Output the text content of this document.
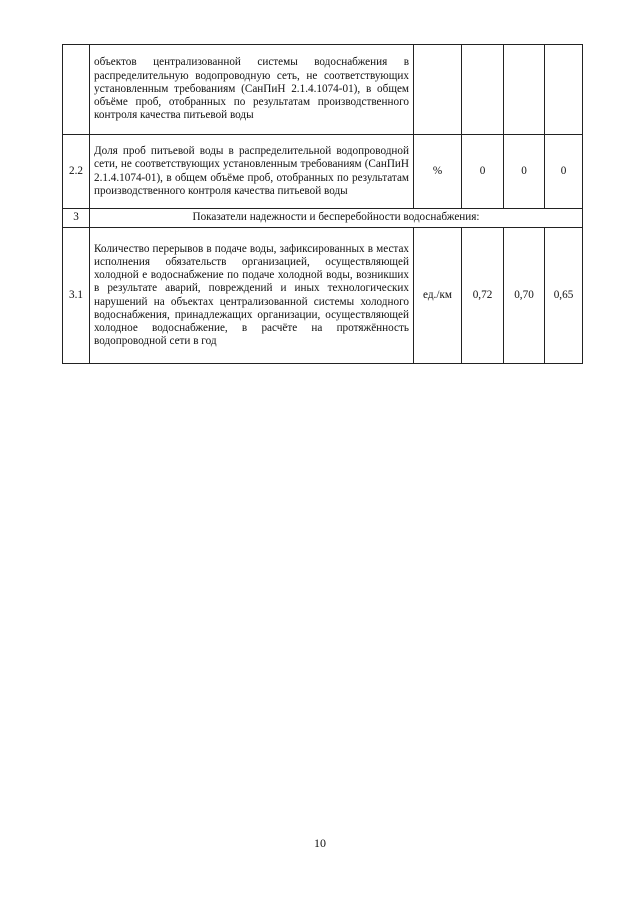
	объектов централизованной системы водоснабжения в распределительную водопроводную сеть, не соответствующих установленным требованиям (СанПиН 2.1.4.1074-01), в общем объёме проб, отобранных по результатам производственного контроля качества питьевой воды				
2.2	Доля проб питьевой воды в распределительной водопроводной сети, не соответствующих установленным требованиям (СанПиН 2.1.4.1074-01), в общем объёме проб, отобранных по результатам производственного контроля качества питьевой воды	%	0	0	0
3	Показатели надежности и бесперебойности водоснабжения:				
3.1	Количество перерывов в подаче воды, зафиксированных в местах исполнения обязательств организацией, осуществляющей холодной е водоснабжение по подаче холодной воды, возникших в результате аварий, повреждений и иных технологических нарушений на объектах централизованной системы холодного водоснабжения, принадлежащих организации, осуществляющей холодное водоснабжение, в расчёте на протяжённость водопроводной сети в год	ед./км	0,72	0,70	0,65
10
